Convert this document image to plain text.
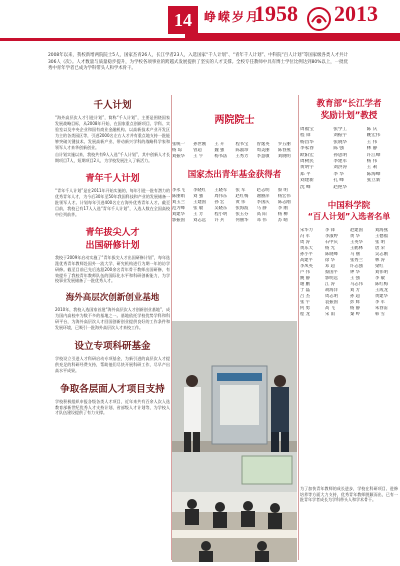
14	峥嵘岁月
1958 2013
2008年以来，我校新增两院院士5人，国家杰青26人，长江学者23人，入选国家“千人计划”、“青年千人计划”、中科院“百人计划”等国家级各类人才共计306人（次）。人才数量与质量稳步提升，为学校各项事业的跨越式发展提供了坚实的人才支撑。全校专任教师中具有博士学位比例达到80%以上，一批优秀中青年学者已成为学科带头人和学术骨干。
千人计划
“海外高层次人才引进计划”，简称“千人计划”，主要是围绕国家发展战略目标，从2008年开始，在国家重点创新项目、学科、实验室以及中央企业和国有商业金融机构、以高新技术产业开发区为主的各类园区等，引进2000名左右人才并有重点地支持一批能够突破关键技术、发展高新产业、带动新兴学科的战略科学家和领军人才来华创新创业。
自计划实施以来，我校共有9人入选“千人计划”，其中创新人才长期项目7人，短期项目2人，为学校发展注入了新活力。
青年千人计划
“青年千人计划”是在2011年开始实施的，每年引进一批有潜力的优秀青年人才，为今后30年至50年我国科技和产业的发展储备一批领军人才。计划每年引进400名左右海外优秀青年人才。截至目前，我校已有17人入选“青年千人计划”，入选人数在全国高校中位列前茅。
青年拔尖人才
出国研修计划
我校于2009年启动实施了“青年拔尖人才出国研修计划”，每年选派优秀青年教师赴国外一流大学、研究机构进行为期一年的访学研修。截至目前已先后选派200余名青年骨干教师出国研修，有效提升了我校青年教师队伍的国际化水平和科研创新能力，为学校事业发展储备了一批优秀人才。
海外高层次创新创业基地
2010年，我校入选国家首批“海外高层次人才创新创业基地”，成为国内高校中为数不多的基地之一。基地依托学校优势学科和科研平台，为海外高层次人才回国创新创业提供良好的工作条件和发展环境，已吸引一批海外高层次人才来校工作。
设立专项科研基金
学校设立引进人才科研启动专项基金，为新引进的高层次人才提供充足的科研经费支持，帮助他们尽快开展科研工作，尽早产出高水平成果。
争取各层面人才项目支持
学校积极组织申报各级各类人才项目，近年来共有百余人次入选教育部新世纪优秀人才支持计划、省部级人才计划等，为学校人才队伍建设提供了有力支撑。
两院院士
张统一	孙世刚	王 升	程书宝	曾逸英	罗五丽
杨 琼	曾超	魏 强	陈淑珍	周美丽	陈春燕
刘振华	王 宇	杨书法	王秀芳	李慧敏	刘晓明
国家杰出青年基金获得者
李永飞	李晓红	王晓军	张 军	赵志明	蔡 明
陈丽娟	刘 强	周伟东	赵红梅	谢丽萍	杨宏伟
刘玉兰	王建国	孙 宏	黄 伟	李国庆	陈志刚
范为峰	张 敏	吴晓东	张海波	马 静	李 刚
刘建华	王 芳	程小明	张玉芬	高 阳	杨 柳
郭振国	刘志远	许 兵	何丽华	邓 伟	苏 晴
教育部“长江学者
奖励计划”教授
周福宝	张学工	陈 庆
程 锋	刘振宇	姚宏伟
杨昌华	张晓华	王 伟
李家春	陈 强	林 静
欧阳宏	孙思明	许江峰
周树民	李建军	杨 伟
黄明宇	刘洪涛	王 莉
郑 平	李 华	陈海峰
刘建新	孔 峰	张立新
沈 峰	赵艳华
中国科学院
“百人计划”入选者名单
宋华力	李 锋	赵建国	刘海燕
冯 军	李淑婷	黄 华	王德福
周 涛	石中庆	王英华	张 明
黄乐天	杨 光	王鹤林	唐 荣
孙小平	陈晓峰	马 丽	吴志刚
高建平	徐 华	张秀兰	林 涛
李凤英	邓 超	许志强	梁红
卢 伟	蔡国平	钟 华	刘伟明
姚 静	郭明远	王 强	李 敏
谢 鹏	江 涛	马志伟	陈红梅
于 磊	胡海洋	刘 芳	王成龙
吕 杰	周志明	孙 超	黄建华
张 宇	袁振国	彭 辉	李 军
何 勇	高 飞	杨 静	朱春雷
程 龙	宋 雨	秦 岭	韩 雪
为了加快青年教师的成长进步，学校在科研项目、进修培养等方面大力支持，优秀青年教师脱颖而出，已有一批青年学者成长为学科带头人和学术骨干。
